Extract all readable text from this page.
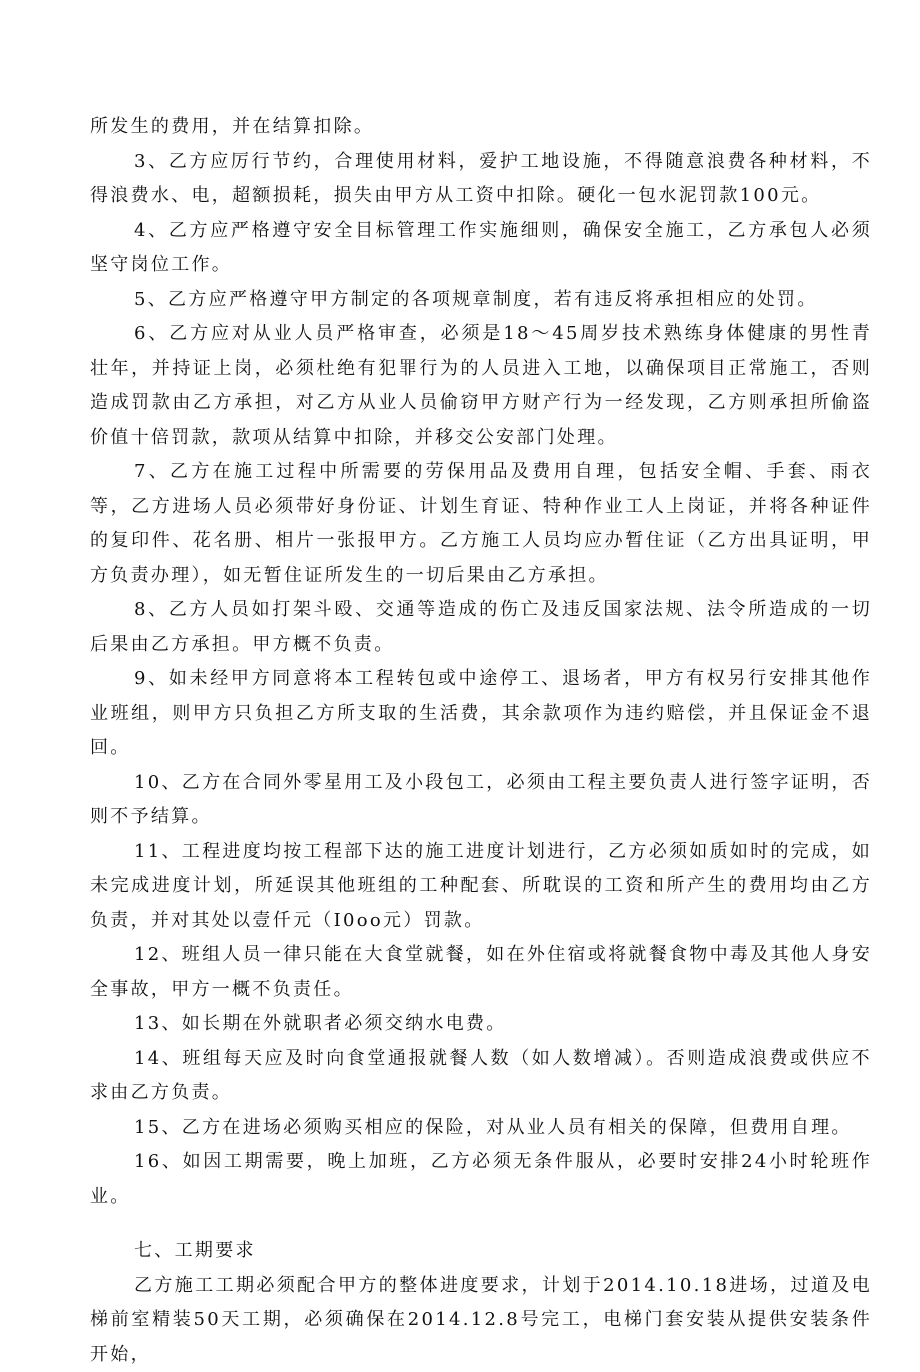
所发生的费用，并在结算扣除。

3、乙方应厉行节约，合理使用材料，爱护工地设施，不得随意浪费各种材料，不得浪费水、电，超额损耗，损失由甲方从工资中扣除。硬化一包水泥罚款100元。

4、乙方应严格遵守安全目标管理工作实施细则，确保安全施工，乙方承包人必须坚守岗位工作。

5、乙方应严格遵守甲方制定的各项规章制度，若有违反将承担相应的处罚。

6、乙方应对从业人员严格审查，必须是18～45周岁技术熟练身体健康的男性青壮年，并持证上岗，必须杜绝有犯罪行为的人员进入工地，以确保项目正常施工，否则造成罚款由乙方承担，对乙方从业人员偷窃甲方财产行为一经发现，乙方则承担所偷盗价值十倍罚款，款项从结算中扣除，并移交公安部门处理。

7、乙方在施工过程中所需要的劳保用品及费用自理，包括安全帽、手套、雨衣等，乙方进场人员必须带好身份证、计划生育证、特种作业工人上岗证，并将各种证件的复印件、花名册、相片一张报甲方。乙方施工人员均应办暂住证（乙方出具证明，甲方负责办理），如无暂住证所发生的一切后果由乙方承担。

8、乙方人员如打架斗殴、交通等造成的伤亡及违反国家法规、法令所造成的一切后果由乙方承担。甲方概不负责。

9、如未经甲方同意将本工程转包或中途停工、退场者，甲方有权另行安排其他作业班组，则甲方只负担乙方所支取的生活费，其余款项作为违约赔偿，并且保证金不退回。

10、乙方在合同外零星用工及小段包工，必须由工程主要负责人进行签字证明，否则不予结算。

11、工程进度均按工程部下达的施工进度计划进行，乙方必须如质如时的完成，如未完成进度计划，所延误其他班组的工种配套、所耽误的工资和所产生的费用均由乙方负责，并对其处以壹仟元（I0oo元）罚款。

12、班组人员一律只能在大食堂就餐，如在外住宿或将就餐食物中毒及其他人身安全事故，甲方一概不负责任。

13、如长期在外就职者必须交纳水电费。

14、班组每天应及时向食堂通报就餐人数（如人数增减）。否则造成浪费或供应不求由乙方负责。

15、乙方在进场必须购买相应的保险，对从业人员有相关的保障，但费用自理。

16、如因工期需要，晚上加班，乙方必须无条件服从，必要时安排24小时轮班作业。

七、工期要求

乙方施工工期必须配合甲方的整体进度要求，计划于2014.10.18进场，过道及电梯前室精装50天工期，必须确保在2014.12.8号完工，电梯门套安装从提供安装条件开始，
